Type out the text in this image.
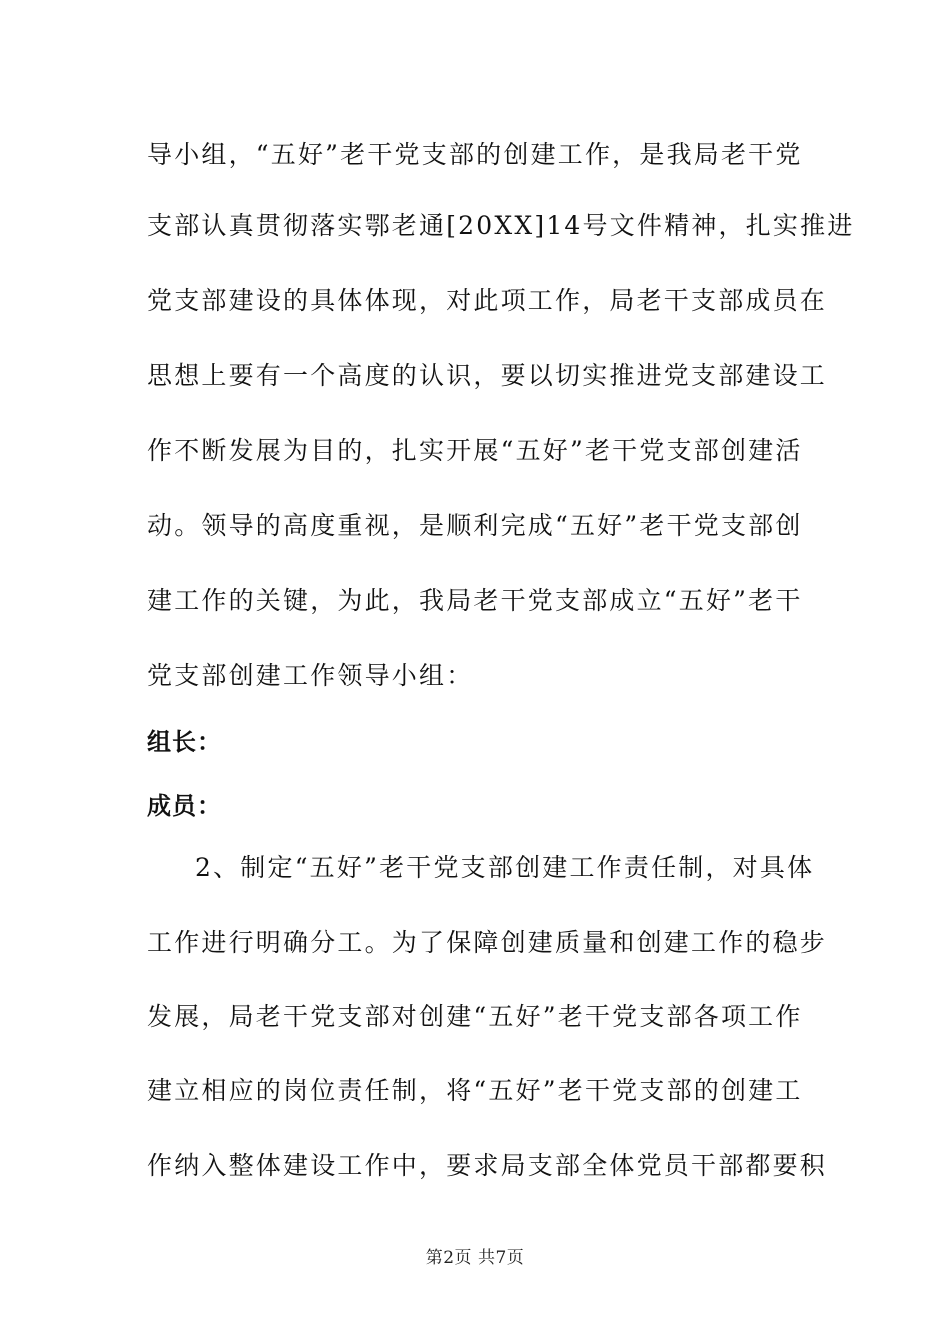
导小组，“五好”老干党支部的创建工作，是我局老干党
支部认真贯彻落实鄂老通[20XX]14号文件精神，扎实推进
党支部建设的具体体现，对此项工作，局老干支部成员在
思想上要有一个高度的认识，要以切实推进党支部建设工
作不断发展为目的，扎实开展“五好”老干党支部创建活
动。领导的高度重视，是顺利完成“五好”老干党支部创
建工作的关键，为此，我局老干党支部成立“五好”老干
党支部创建工作领导小组：
组长：
成员：
2、制定“五好”老干党支部创建工作责任制，对具体
工作进行明确分工。为了保障创建质量和创建工作的稳步
发展，局老干党支部对创建“五好”老干党支部各项工作
建立相应的岗位责任制，将“五好”老干党支部的创建工
作纳入整体建设工作中，要求局支部全体党员干部都要积
第2页 共7页
